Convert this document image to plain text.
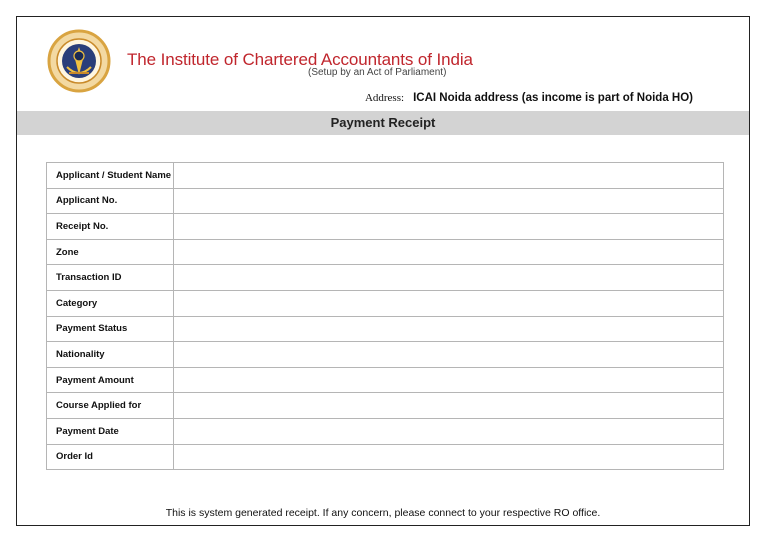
The Institute of Chartered Accountants of India
(Setup by an Act of Parliament)
Address: ICAI Noida address (as income is part of Noida HO)
Payment Receipt
Applicant / Student Name	
Applicant No.	
Receipt No.	
Zone	
Transaction ID	
Category	
Payment Status	
Nationality	
Payment Amount	
Course Applied for	
Payment Date	
Order Id	
This is system generated receipt. If any concern, please connect to your respective RO office.
